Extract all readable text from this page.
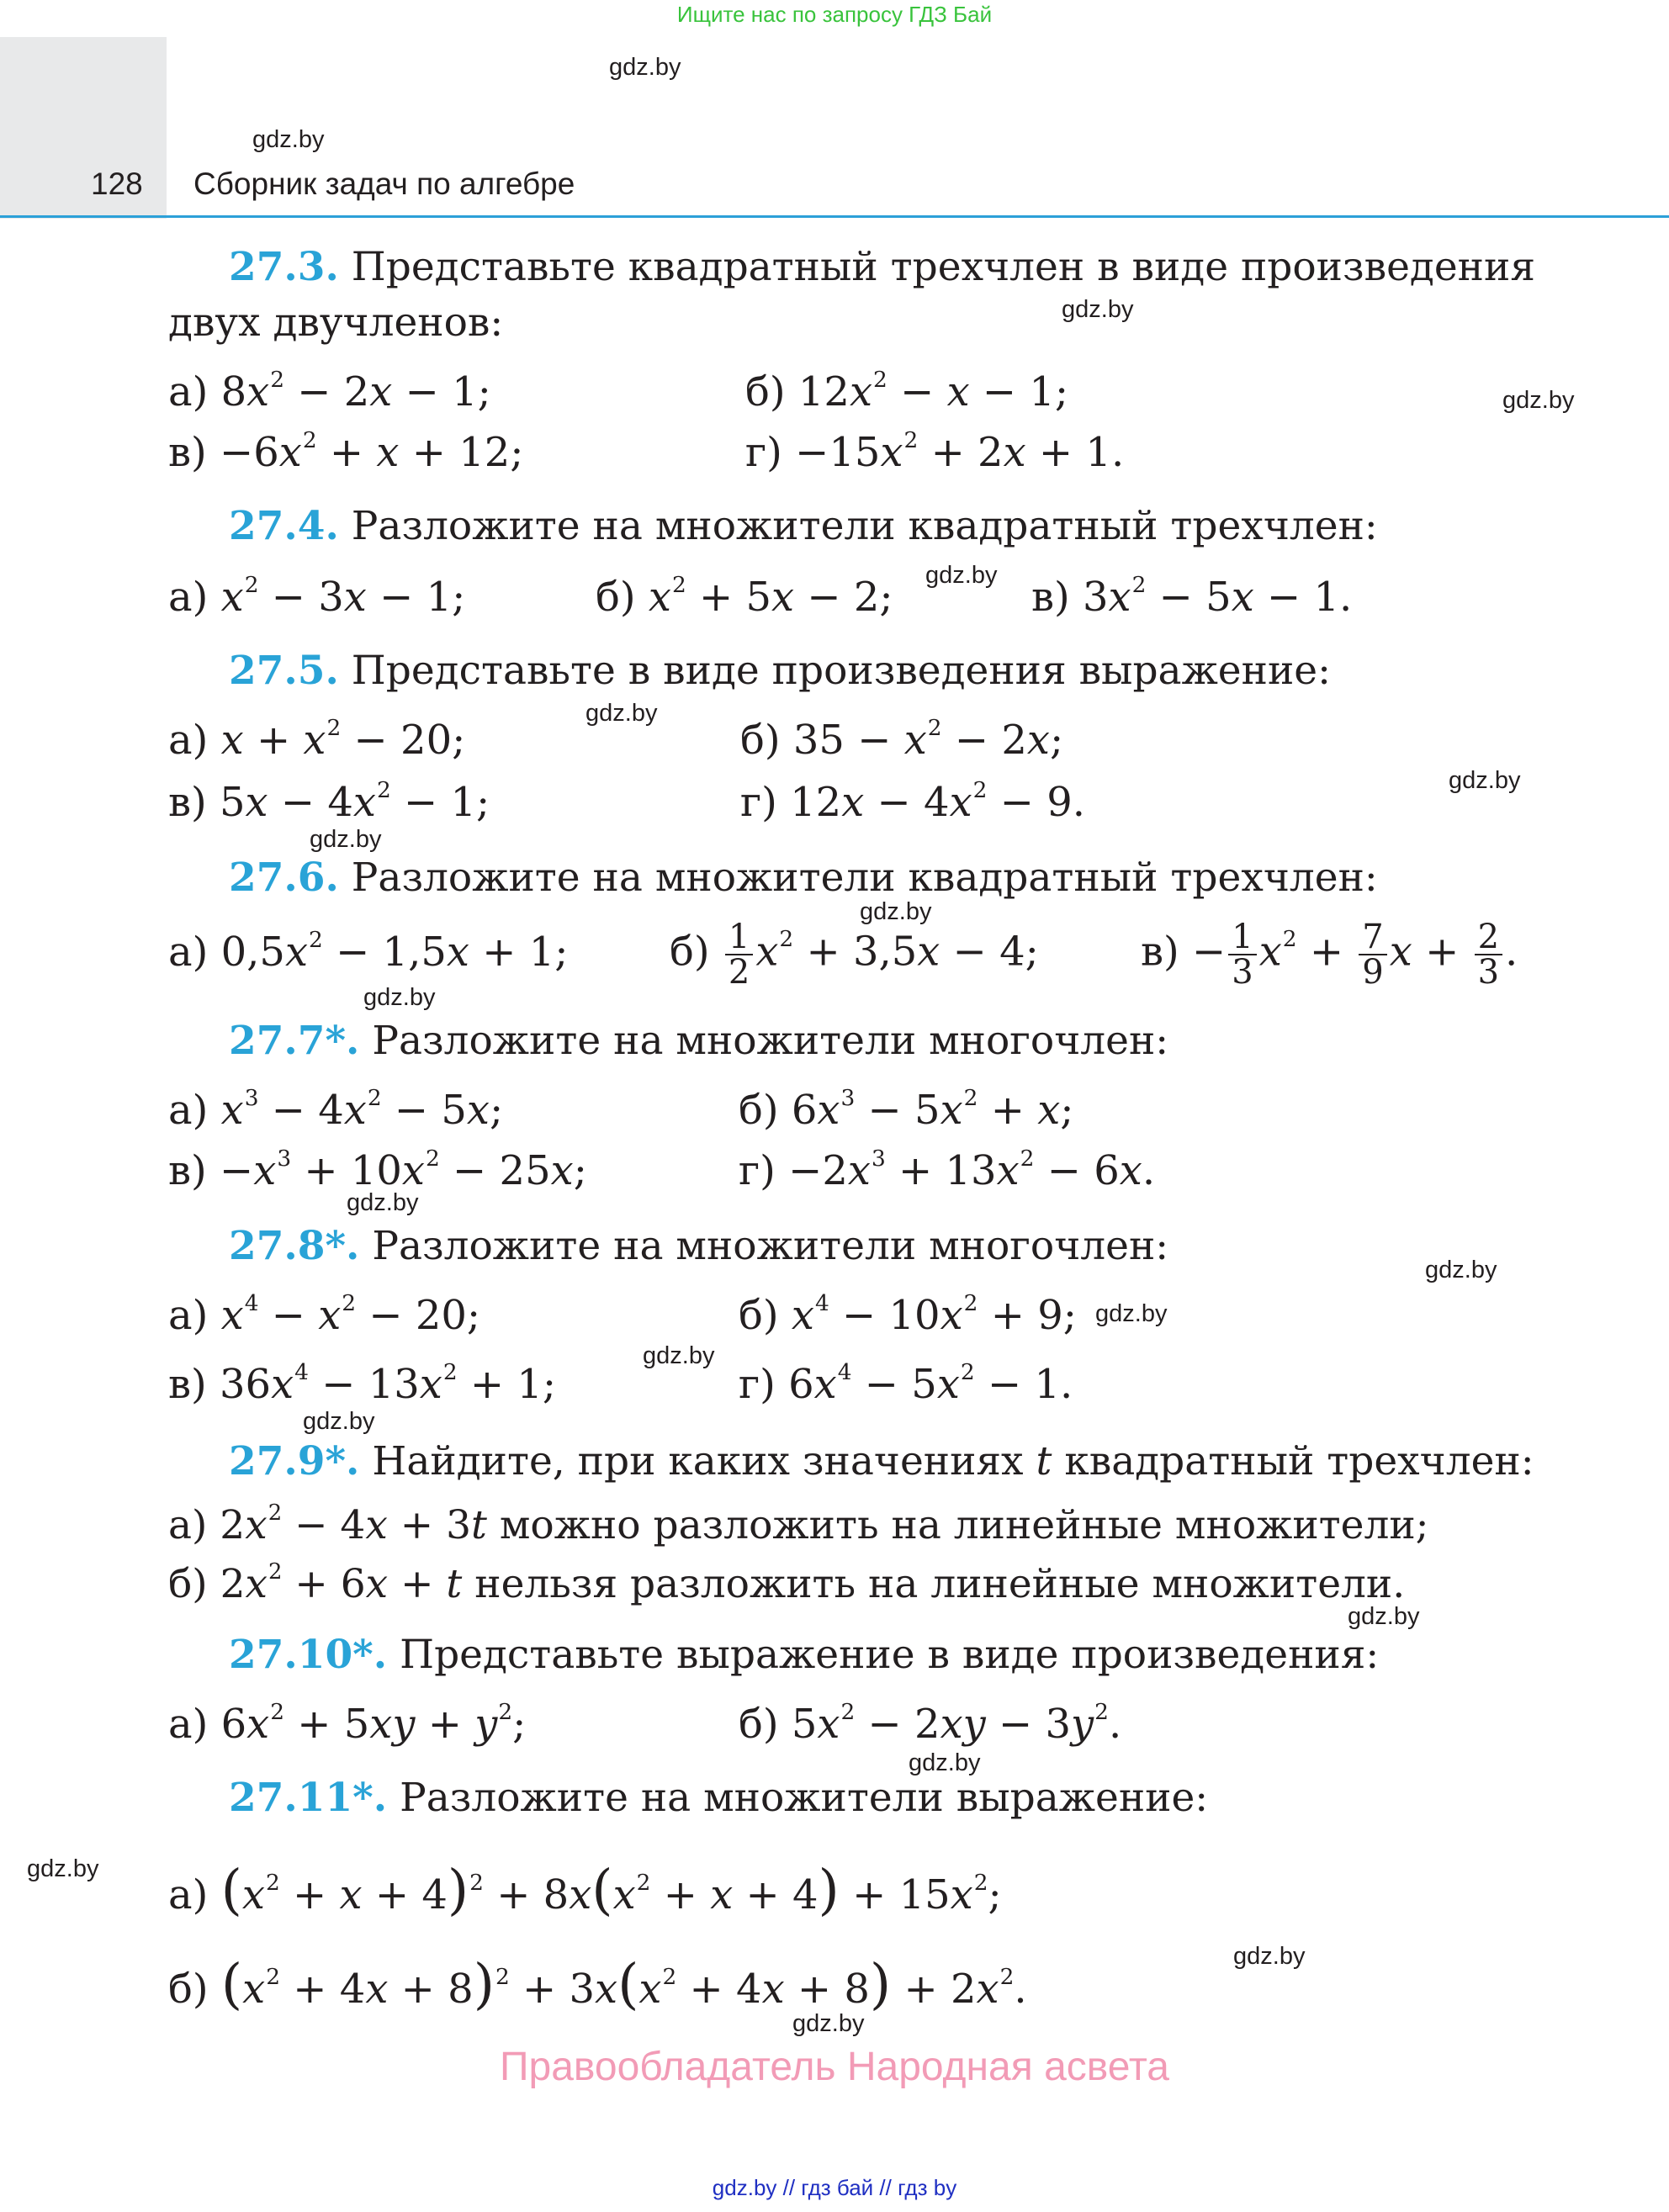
Ищите нас по запросу ГДЗ Бай
128 Сборник задач по алгебре
gdz.by
gdz.by
gdz.by
gdz.by
gdz.by
gdz.by
gdz.by
gdz.by
gdz.by
gdz.by
gdz.by
gdz.by
gdz.by
gdz.by
gdz.by
gdz.by
gdz.by
gdz.by
gdz.by
gdz.by
27.3. Представьте квадратный трехчлен в виде произведения
двух двучленов:
а) $8x^2 - 2x - 1$;	б) $12x^2 - x - 1$;
$в) -6x^2 + x + 12$;	$г) -15x^2 + 2x + 1$.
27.4. Разложите на множители квадратный трехчлен:
а) $x^2 - 3x - 1$;	б) $x^2 + 5x - 2$;	в) $3x^2 - 5x - 1$.
27.5. Представьте в виде произведения выражение:
а) $x + x^2 - 20$;	б) $35 - x^2 - 2x$;
в) $5x - 4x^2 - 1$;	г) $12x - 4x^2 - 9$.
27.6. Разложите на множители квадратный трехчлен:
а) $0,5x^2 - 1,5x + 1$;	$б) \frac{1}{2} x^2 + 3,5x - 4$;	$в) - \frac{1}{3} x^2 + \frac{7}{9}$ $x + \frac{2}{3}$ .
27.7*. Разложите на множители многочлен:
а) $x^3 - 4x^2 - 5x$;	б) $6x^3 - 5x^2 + x$;
$в) -x^3 + 10x^2 - 25x$;	$г) -2x^3 + 13x^2 - 6x$.
27.8*. Разложите на множители многочлен:
а) $x^4 - x^2 - 20$;	б) $x^4 - 10x^2 + 9$;
в) $36x^4 - 13x^2 + 1$;	г) $6x^4 - 5x^2 - 1$.
27.9*. Найдите, при каких значениях t квадратный трехчлен:
а) $2x^2 - 4x + 3t$ можно разложить на линейные множители;
б) $2x^2 + 6x + t$ нельзя разложить на линейные множители.
27.10*. Представьте выражение в виде произведения:
а) $6x^2 + 5xy + y^2$;	б) $5x^2 - 2xy - 3y^2$.
27.11*. Разложите на множители выражение:
а) $(x^2 + x + 4)^2 + 8x(x^2 + x + 4) + 15x^2$;
б) $(x^2 + 4x + 8)^2 + 3x(x^2 + 4x + 8) + 2x^2$.
Правообладатель Народная асвета
gdz.by // гдз бай // гдз by
